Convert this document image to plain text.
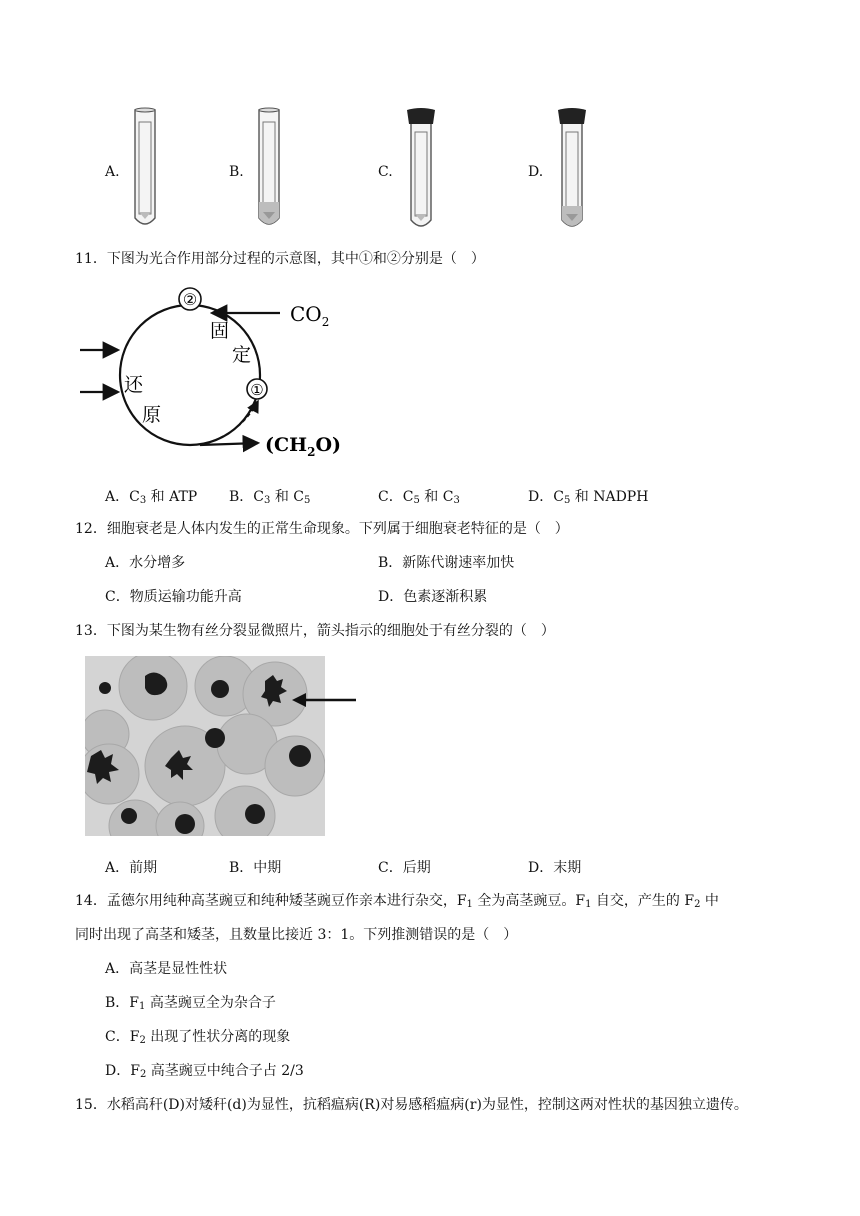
A.	B.	C.	D.
11．下图为光合作用部分过程的示意图，其中①和②分别是（　）
②
①
$CO_2$
固
定
还
原
$(CH_2O)$
A．$C_3$ 和 ATP B．$C_3$ 和 $C_5$	C．$C_5$ 和 $C_3$	D．$C_5$ 和 NADPH
12．细胞衰老是人体内发生的正常生命现象。下列属于细胞衰老特征的是（　）
A．水分增多	B．新陈代谢速率加快
C．物质运输功能升高	D．色素逐渐积累
13．下图为某生物有丝分裂显微照片，箭头指示的细胞处于有丝分裂的（　）
A．前期	B．中期	C．后期	D．末期
14．孟德尔用纯种高茎豌豆和纯种矮茎豌豆作亲本进行杂交，$F_1$ 全为高茎豌豆。$F_1$ 自交，产生的 $F_2$ 中
同时出现了高茎和矮茎，且数量比接近 3：1。下列推测错误的是（　）
A．高茎是显性性状
B．$F_1$ 高茎豌豆全为杂合子
C．$F_2$ 出现了性状分离的现象
D．$F_2$ 高茎豌豆中纯合子占 2/3
15．水稻高秆(D)对矮秆(d)为显性，抗稻瘟病(R)对易感稻瘟病(r)为显性，控制这两对性状的基因独立遗传。
